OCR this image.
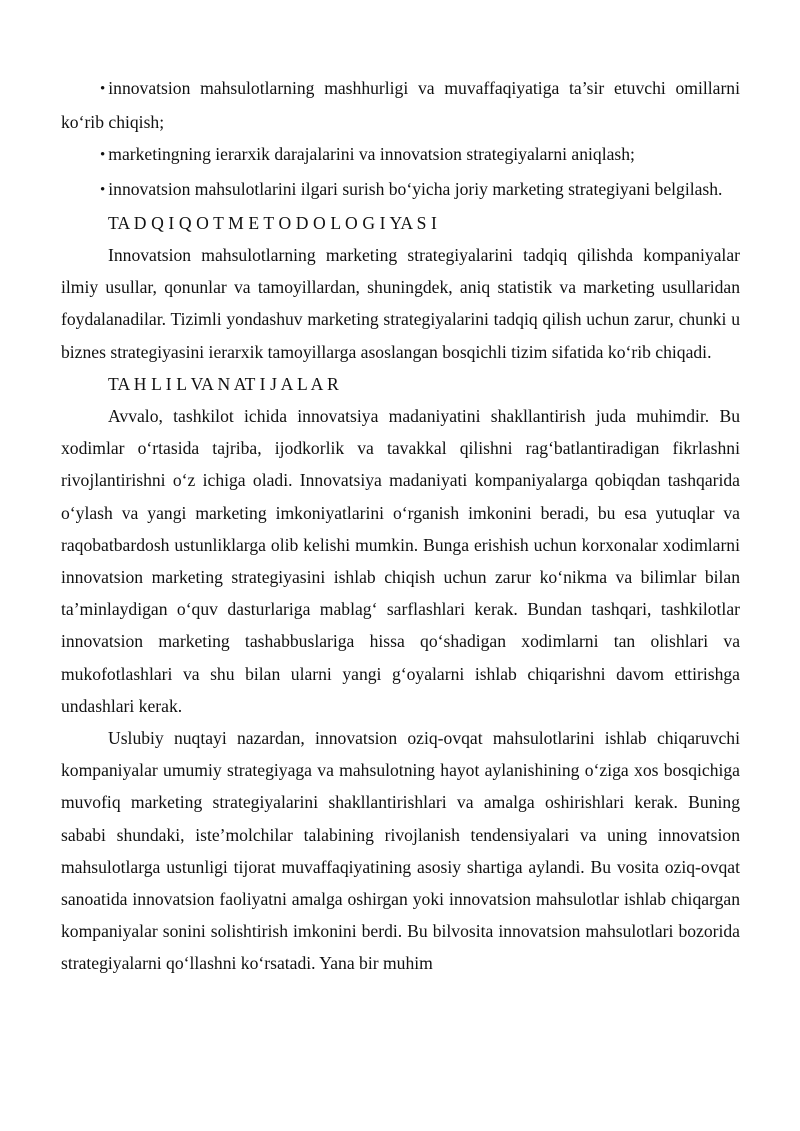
• innovatsion mahsulotlarning mashhurligi va muvaffaqiyatiga ta’sir etuvchi omillarni ko‘rib chiqish;

• marketingning ierarxik darajalarini va innovatsion strategiyalarni aniqlash;

• innovatsion mahsulotlarini ilgari surish bo‘yicha joriy marketing strategiyani belgilash.

TA D Q I Q O T M E T O D O L O G I YA S I

Innovatsion mahsulotlarning marketing strategiyalarini tadqiq qilishda kompaniyalar ilmiy usullar, qonunlar va tamoyillardan, shuningdek, aniq statistik va marketing usullaridan foydalanadilar. Tizimli yondashuv marketing strategiyalarini tadqiq qilish uchun zarur, chunki u biznes strategiyasini ierarxik tamoyillarga asoslangan bosqichli tizim sifatida ko‘rib chiqadi.

TA H L I L VA N AT I J A L A R

Avvalo, tashkilot ichida innovatsiya madaniyatini shakllantirish juda muhimdir. Bu xodimlar o‘rtasida tajriba, ijodkorlik va tavakkal qilishni rag‘batlantiradigan fikrlashni rivojlantirishni o‘z ichiga oladi. Innovatsiya madaniyati kompaniyalarga qobiqdan tashqarida o‘ylash va yangi marketing imkoniyatlarini o‘rganish imkonini beradi, bu esa yutuqlar va raqobatbardosh ustunliklarga olib kelishi mumkin. Bunga erishish uchun korxonalar xodimlarni innovatsion marketing strategiyasini ishlab chiqish uchun zarur ko‘nikma va bilimlar bilan ta’minlaydigan o‘quv dasturlariga mablag‘ sarflashlari kerak. Bundan tashqari, tashkilotlar innovatsion marketing tashabbuslariga hissa qo‘shadigan xodimlarni tan olishlari va mukofotlashlari va shu bilan ularni yangi g‘oyalarni ishlab chiqarishni davom ettirishga undashlari kerak.

Uslubiy nuqtayi nazardan, innovatsion oziq-ovqat mahsulotlarini ishlab chiqaruvchi kompaniyalar umumiy strategiyaga va mahsulotning hayot aylanishining o‘ziga xos bosqichiga muvofiq marketing strategiyalarini shakllantirishlari va amalga oshirishlari kerak. Buning sababi shundaki, iste’molchilar talabining rivojlanish tendensiyalari va uning innovatsion mahsulotlarga ustunligi tijorat muvaffaqiyatining asosiy shartiga aylandi. Bu vosita oziq-ovqat sanoatida innovatsion faoliyatni amalga oshirgan yoki innovatsion mahsulotlar ishlab chiqargan kompaniyalar sonini solishtirish imkonini berdi. Bu bilvosita innovatsion mahsulotlari bozorida strategiyalarni qo‘llashni ko‘rsatadi. Yana bir muhim
